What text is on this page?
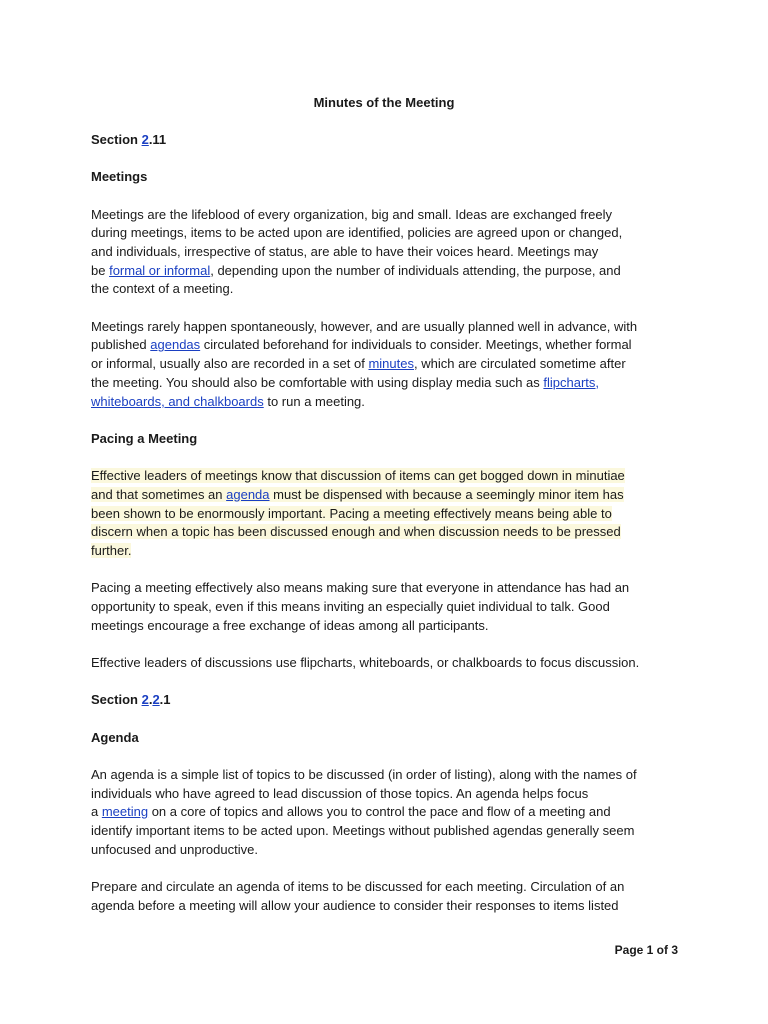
Minutes of the Meeting
Section 2.11
Meetings
Meetings are the lifeblood of every organization, big and small. Ideas are exchanged freely
during meetings, items to be acted upon are identified, policies are agreed upon or changed,
and individuals, irrespective of status, are able to have their voices heard. Meetings may
be formal or informal, depending upon the number of individuals attending, the purpose, and
the context of a meeting.
Meetings rarely happen spontaneously, however, and are usually planned well in advance, with
published agendas circulated beforehand for individuals to consider. Meetings, whether formal
or informal, usually also are recorded in a set of minutes, which are circulated sometime after
the meeting. You should also be comfortable with using display media such as flipcharts,
whiteboards, and chalkboards to run a meeting.
Pacing a Meeting
Effective leaders of meetings know that discussion of items can get bogged down in minutiae
and that sometimes an agenda must be dispensed with because a seemingly minor item has
been shown to be enormously important. Pacing a meeting effectively means being able to
discern when a topic has been discussed enough and when discussion needs to be pressed
further.
Pacing a meeting effectively also means making sure that everyone in attendance has had an
opportunity to speak, even if this means inviting an especially quiet individual to talk. Good
meetings encourage a free exchange of ideas among all participants.
Effective leaders of discussions use flipcharts, whiteboards, or chalkboards to focus discussion.
Section 2.2.1
Agenda
An agenda is a simple list of topics to be discussed (in order of listing), along with the names of
individuals who have agreed to lead discussion of those topics. An agenda helps focus
a meeting on a core of topics and allows you to control the pace and flow of a meeting and
identify important items to be acted upon. Meetings without published agendas generally seem
unfocused and unproductive.
Prepare and circulate an agenda of items to be discussed for each meeting. Circulation of an
agenda before a meeting will allow your audience to consider their responses to items listed
Page 1 of 3
